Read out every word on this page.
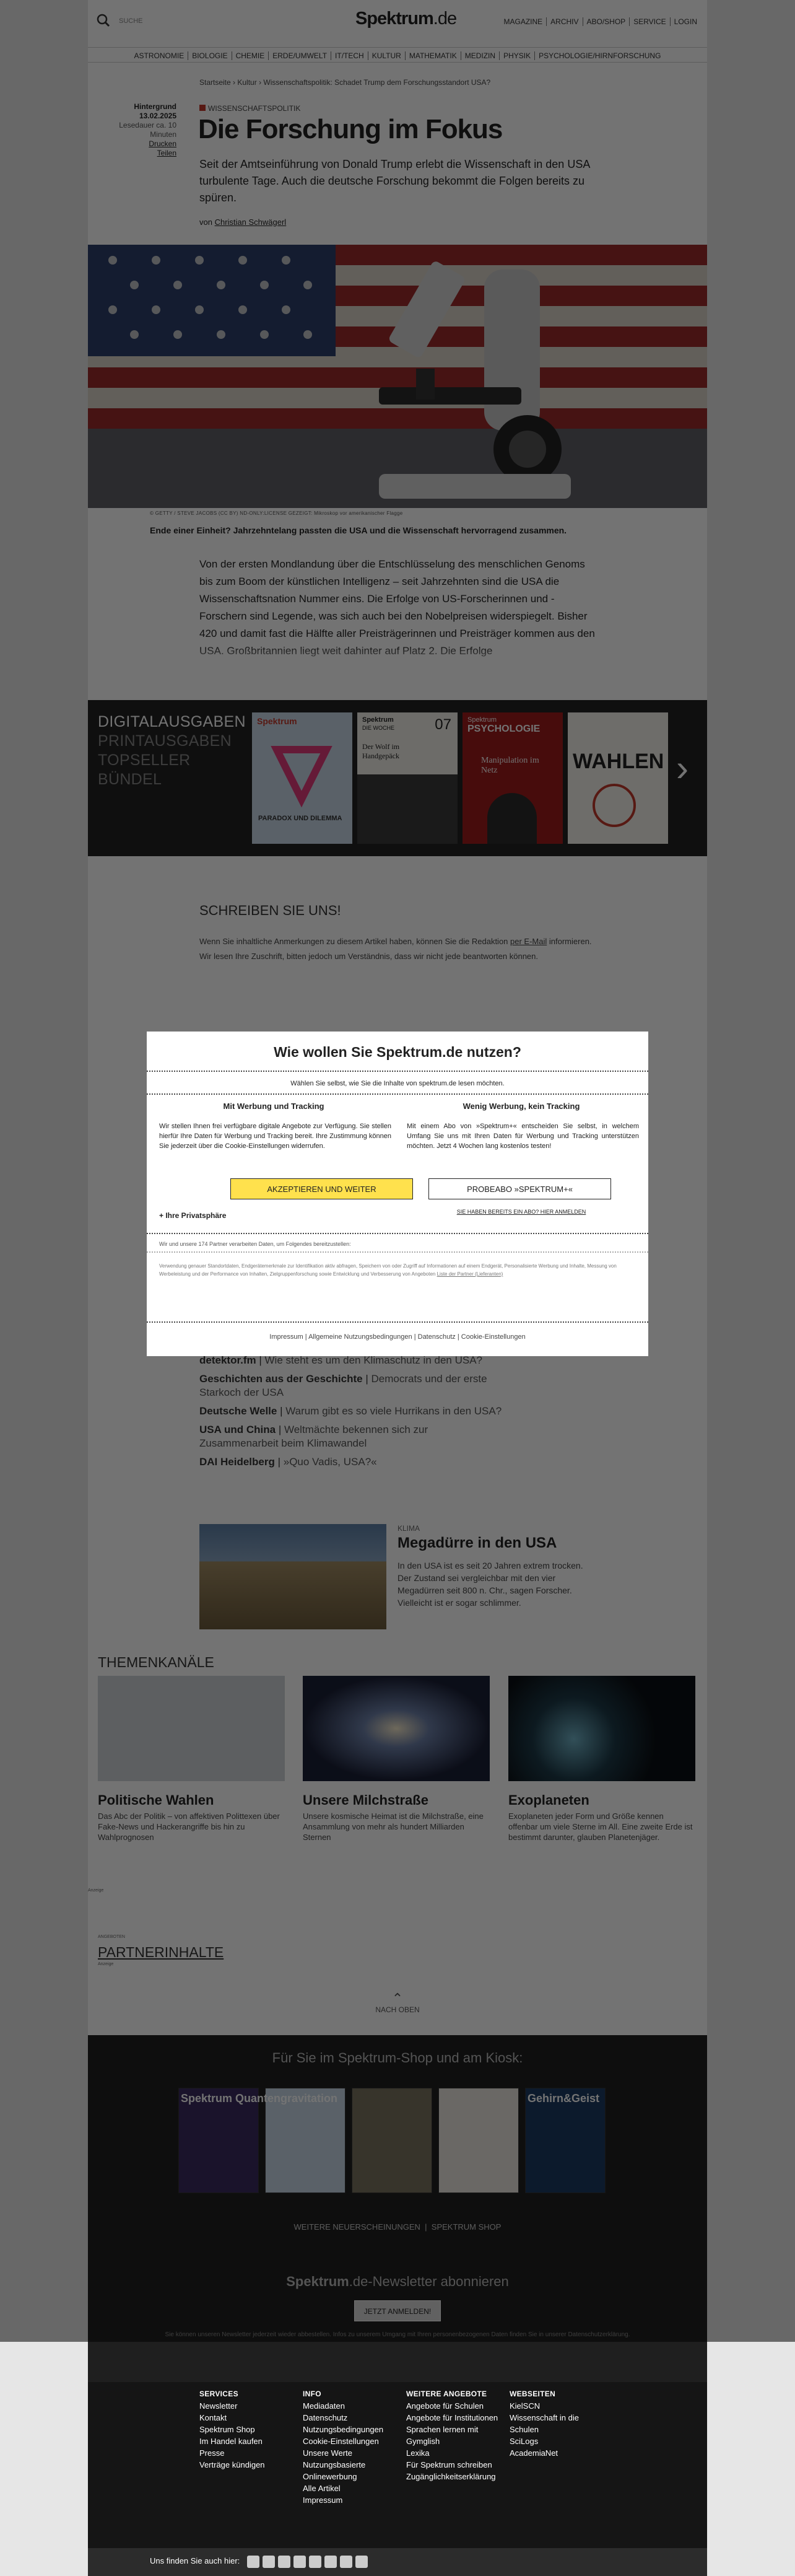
SERVICES
Newsletter
Kontakt
Spektrum Shop
Im Handel kaufen
Presse
Verträge kündigen
INFO
Mediadaten
Datenschutz
Nutzungsbedingungen
Cookie-Einstellungen
Unsere Werte
Nutzungsbasierte Onlinewerbung
Alle Artikel
Impressum
WEITERE ANGEBOTE
Angebote für Schulen
Angebote für Institutionen
Sprachen lernen mit Gymglish
Lexika
Für Spektrum schreiben
Zugänglichkeitserklärung
WEBSEITEN
KielSCN
Wissenschaft in die Schulen
SciLogs
AcademiaNet
Uns finden Sie auch hier:
Wie wollen Sie Spektrum.de nutzen?
Wählen Sie selbst, wie Sie die Inhalte von spektrum.de lesen möchten.
Mit Werbung und Tracking

Wir stellen Ihnen frei verfügbare digitale Angebote zur Verfügung. Sie stellen hierfür Ihre Daten für Werbung und Tracking bereit. Ihre Zustimmung können Sie jederzeit über die Cookie-Einstellungen widerrufen.

AKZEPTIEREN UND WEITER
+ Ihre Privatsphäre
Wenig Werbung, kein Tracking

Mit einem Abo von »Spektrum+« entscheiden Sie selbst, in welchem Umfang Sie uns mit Ihren Daten für Werbung und Tracking unterstützen möchten. Jetzt 4 Wochen lang kostenlos testen!

PROBEABO »SPEKTRUM+«
SIE HABEN BEREITS EIN ABO? HIER ANMELDEN
Wir und unsere 174 Partner verarbeiten Daten, um Folgendes bereitzustellen:

Verwendung genauer Standortdaten, Endgerätemerkmale zur Identifikation aktiv abfragen, Speichern von oder Zugriff auf Informationen auf einem Endgerät, Personalisierte Werbung und Inhalte, Messung von Werbeleistung und der Performance von Inhalten, Zielgruppenforschung sowie Entwicklung und Verbesserung von Angeboten Liste der Partner (Lieferanten)

Impressum | Allgemeine Nutzungsbedingungen | Datenschutz | Cookie-Einstellungen
